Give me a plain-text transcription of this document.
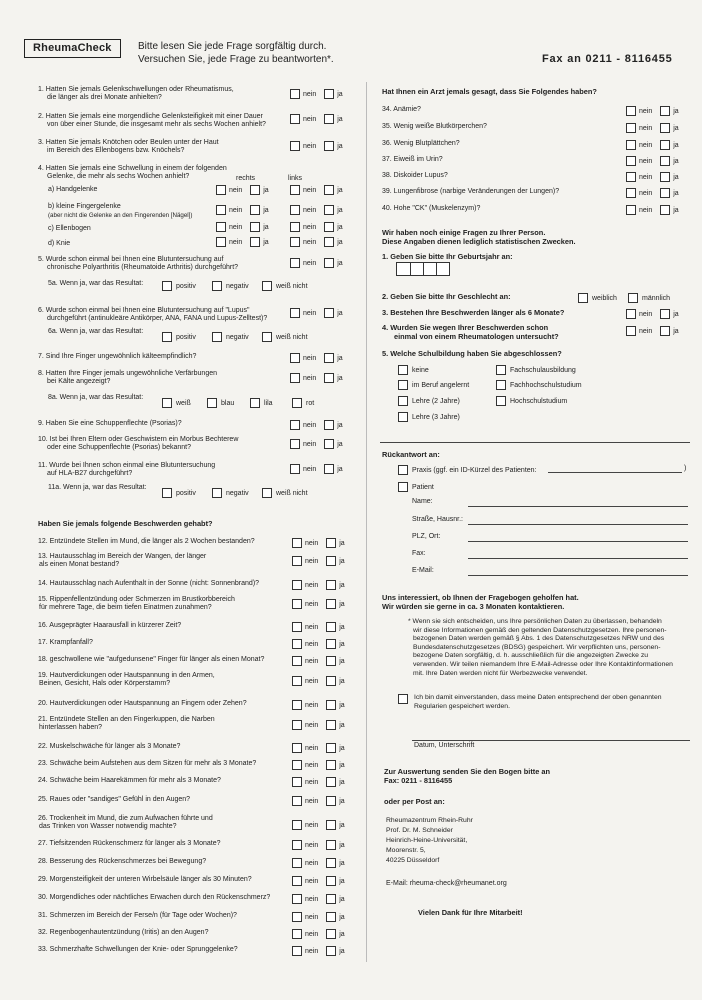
RheumaCheck	Bitte lesen Sie jede Frage sorgfältig durch.
Versuchen Sie, jede Frage zu beantworten*.	Fax an 0211 - 8116455
1. Hatten Sie jemals Gelenkschwellungen oder Rheumatismus,
die länger als drei Monate anhielten?	nein	ja
2. Hatten Sie jemals eine morgendliche Gelenksteifigkeit mit einer Dauer
von über einer Stunde, die insgesamt mehr als sechs Wochen anhielt?
nein	ja
3. Hatten Sie jemals Knötchen oder Beulen unter der Haut
im Bereich des Ellenbogens bzw. Knöchels?
nein	ja
4. Hatten Sie jemals eine Schwellung in einem der folgenden
Gelenke, die mehr als sechs Wochen anhielt?	rechts	links
a) Handgelenke	nein	ja	nein	ja
b) kleine Fingergelenke
(aber nicht die Gelenke an den Fingerenden [Nägel])
nein	ja	nein	ja
c) Ellenbogen	nein	ja	nein	ja
d) Knie	nein	ja	nein	ja
5. Wurde schon einmal bei Ihnen eine Blutuntersuchung auf
chronische Polyarthritis (Rheumatoide Arthritis) durchgeführt?
nein	ja
5a. Wenn ja, war das Resultat:	positiv	negativ	weiß nicht
6. Wurde schon einmal bei Ihnen eine Blutuntersuchung auf "Lupus"
durchgeführt (antinukleäre Antikörper, ANA, FANA und Lupus-Zelltest)?
nein	ja
6a. Wenn ja, war das Resultat:
positiv	negativ	weiß nicht
7. Sind Ihre Finger ungewöhnlich kälteempfindlich?	nein	ja
8. Hatten Ihre Finger jemals ungewöhnliche Verfärbungen
bei Kälte angezeigt?	nein	ja
8a. Wenn ja, war das Resultat:
weiß	blau	lila	rot
9. Haben Sie eine Schuppenflechte (Psorias)?	nein	ja
10. Ist bei Ihren Eltern oder Geschwistern ein Morbus Bechterew
oder eine Schuppenflechte (Psorias) bekannt?	nein	ja
11. Wurde bei Ihnen schon einmal eine Blutuntersuchung
auf HLA-B27 durchgeführt?
nein	ja
11a. Wenn ja, war das Resultat:
positiv	negativ	weiß nicht
Haben Sie jemals folgende Beschwerden gehabt?
12. Entzündete Stellen im Mund, die länger als 2 Wochen bestanden?	nein	ja
13. Hautausschlag im Bereich der Wangen, der länger
als einen Monat bestand?	nein	ja
14. Hautausschlag nach Aufenthalt in der Sonne (nicht: Sonnenbrand)?	nein	ja
15. Rippenfellentzündung oder Schmerzen im Brustkorbbereich
für mehrere Tage, die beim tiefen Einatmen zunahmen?	nein	ja
16. Ausgeprägter Haarausfall in kürzerer Zeit?	nein	ja
17. Krampfanfall?	nein	ja
18. geschwollene wie "aufgedunsene" Finger für länger als einen Monat?	nein	ja
19. Hautverdickungen oder Hautspannung in den Armen,
Beinen, Gesicht, Hals oder Körperstamm?	nein	ja
20. Hautverdickungen oder Hautspannung an Fingern oder Zehen?	nein	ja
21. Entzündete Stellen an den Fingerkuppen, die Narben
hinterlassen haben?	nein	ja
22. Muskelschwäche für länger als 3 Monate?	nein	ja
23. Schwäche beim Aufstehen aus dem Sitzen für mehr als 3 Monate?	nein	ja
24. Schwäche beim Haarekämmen für mehr als 3 Monate?	nein	ja
25. Raues oder "sandiges" Gefühl in den Augen?	nein	ja
26. Trockenheit im Mund, die zum Aufwachen führte und
das Trinken von Wasser notwendig machte?	nein	ja
27. Tiefsitzenden Rückenschmerz für länger als 3 Monate?	nein	ja
28. Besserung des Rückenschmerzes bei Bewegung?	nein	ja
29. Morgensteifigkeit der unteren Wirbelsäule länger als 30 Minuten?	nein	ja
30. Morgendliches oder nächtliches Erwachen durch den Rückenschmerz?	nein	ja
31. Schmerzen im Bereich der Ferse/n (für Tage oder Wochen)?	nein	ja
32. Regenbogenhautentzündung (Iritis) an den Augen?	nein	ja
33. Schmerzhafte Schwellungen der Knie- oder Sprunggelenke?	nein	ja
Hat Ihnen ein Arzt jemals gesagt, dass Sie Folgendes haben?
34. Anämie?	nein	ja
35. Wenig weiße Blutkörperchen?	nein	ja
36. Wenig Blutplättchen?	nein	ja
37. Eiweiß im Urin?	nein	ja
38. Diskoider Lupus?	nein	ja
39. Lungenfibrose (narbige Veränderungen der Lungen)?	nein	ja
40. Hohe "CK" (Muskelenzym)?	nein	ja
Wir haben noch einige Fragen zu Ihrer Person.
Diese Angaben dienen lediglich statistischen Zwecken.
1. Geben Sie bitte Ihr Geburtsjahr an:
2. Geben Sie bitte Ihr Geschlecht an:	weiblich	männlich
3. Bestehen Ihre Beschwerden länger als 6 Monate?	nein	ja
4. Wurden Sie wegen Ihrer Beschwerden schon
einmal von einem Rheumatologen untersucht?
nein	ja
5. Welche Schulbildung haben Sie abgeschlossen?
keine
im Beruf angelernt
Lehre (2 Jahre)
Lehre (3 Jahre)
Fachschulausbildung
Fachhochschulstudium
Hochschulstudium
Rückantwort an:
Praxis (ggf. ein ID-Kürzel des Patienten:	)
Patient
Name:
Straße, Hausnr.:
PLZ, Ort:
Fax:
E-Mail:
Uns interessiert, ob Ihnen der Fragebogen geholfen hat.
Wir würden sie gerne in ca. 3 Monaten kontaktieren.
* Wenn sie sich entscheiden, uns Ihre persönlichen Daten zu überlassen, behandeln
wir diese Informationen gemäß den geltenden Datenschutzgesetzen. Ihre personen-
bezogenen Daten werden gemäß § Abs. 1 des Datenschutzgesetzes NRW und des
Bundesdatenschutzgesetzes (BDSG) gespeichert. Wir verpflichten uns, personen-
bezogene Daten sorgfältig, d. h. ausschließlich für die angezeigten Zwecke zu
verwenden. Wir teilen niemandem Ihre E-Mail-Adresse oder Ihre Kontaktinformationen
mit. Ihre Daten werden nicht für Werbezwecke verwendet.
Ich bin damit einverstanden, dass meine Daten entsprechend der oben genannten
Regularien gespeichert werden.
Datum, Unterschrift
Zur Auswertung senden Sie den Bogen bitte an
Fax: 0211 - 8116455
oder per Post an:
Rheumazentrum Rhein-Ruhr
Prof. Dr. M. Schneider
Heinrich-Heine-Universität,
Moorenstr. 5,
40225 Düsseldorf
E-Mail: rheuma-check@rheumanet.org
Vielen Dank für Ihre Mitarbeit!
